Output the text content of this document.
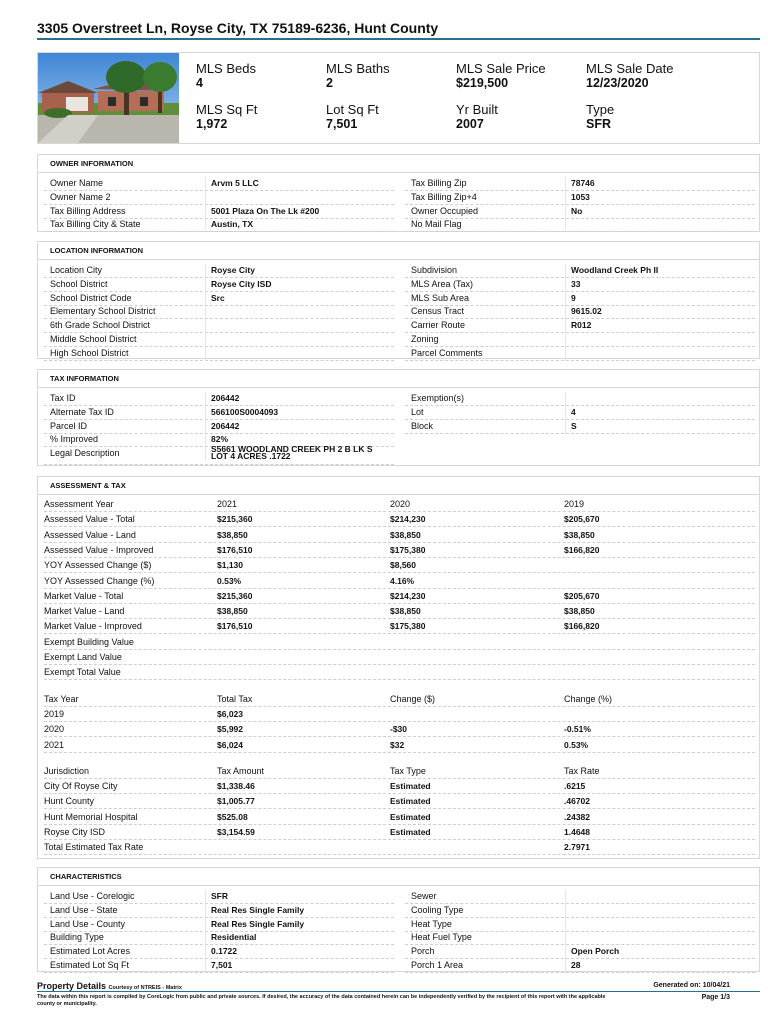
3305 Overstreet Ln, Royse City, TX 75189-6236, Hunt County
MLS Beds
4
MLS Baths
2
MLS Sale Price
$219,500
MLS Sale Date
12/23/2020
MLS Sq Ft
1,972
Lot Sq Ft
7,501
Yr Built
2007
Type
SFR
OWNER INFORMATION
Owner Name	Arvm 5 LLC
Owner Name 2
Tax Billing Address	5001 Plaza On The Lk #200
Tax Billing City & State	Austin, TX
Tax Billing Zip	78746
Tax Billing Zip+4	1053
Owner Occupied	No
No Mail Flag
LOCATION INFORMATION
Location City	Royse City
School District	Royse City ISD
School District Code	Src
Elementary School District
6th Grade School District
Middle School District
High School District
Subdivision	Woodland Creek Ph II
MLS Area (Tax)	33
MLS Sub Area	9
Census Tract	9615.02
Carrier Route	R012
Zoning
Parcel Comments
TAX INFORMATION
Tax ID	206442
Alternate Tax ID	566100S0004093
Parcel ID	206442
% Improved	82%
Legal Description	S5661 WOODLAND CREEK PH 2 B LK S LOT 4 ACRES .1722
Exemption(s)
Lot	4
Block	S
ASSESSMENT & TAX
Assessment Year	2021	2020	2019
Assessed Value - Total	$215,360	$214,230	$205,670
Assessed Value - Land	$38,850	$38,850	$38,850
Assessed Value - Improved	$176,510	$175,380	$166,820
YOY Assessed Change ($)	$1,130	$8,560
YOY Assessed Change (%)	0.53%	4.16%
Market Value - Total	$215,360	$214,230	$205,670
Market Value - Land	$38,850	$38,850	$38,850
Market Value - Improved	$176,510	$175,380	$166,820
Exempt Building Value
Exempt Land Value
Exempt Total Value
Tax Year	Total Tax	Change ($)	Change (%)
2019	$6,023
2020	$5,992	-$30	-0.51%
2021	$6,024	$32	0.53%
Jurisdiction	Tax Amount	Tax Type	Tax Rate
City Of Royse City	$1,338.46	Estimated	.6215
Hunt County	$1,005.77	Estimated	.46702
Hunt Memorial Hospital	$525.08	Estimated	.24382
Royse City ISD	$3,154.59	Estimated	1.4648
Total Estimated Tax Rate	2.7971
CHARACTERISTICS
Land Use - Corelogic	SFR
Land Use - State	Real Res Single Family
Land Use - County	Real Res Single Family
Building Type	Residential
Estimated Lot Acres	0.1722
Estimated Lot Sq Ft	7,501
Sewer
Cooling Type
Heat Type
Heat Fuel Type
Porch	Open Porch
Porch 1 Area	28
Property Details Courtesy of NTREIS - Matrix	Generated on: 10/04/21
The data within this report is compiled by CoreLogic from public and private sources. If desired, the accuracy of the data contained herein can be independently verified by the recipient of this report with the applicable county or municipality.
Page 1/3
